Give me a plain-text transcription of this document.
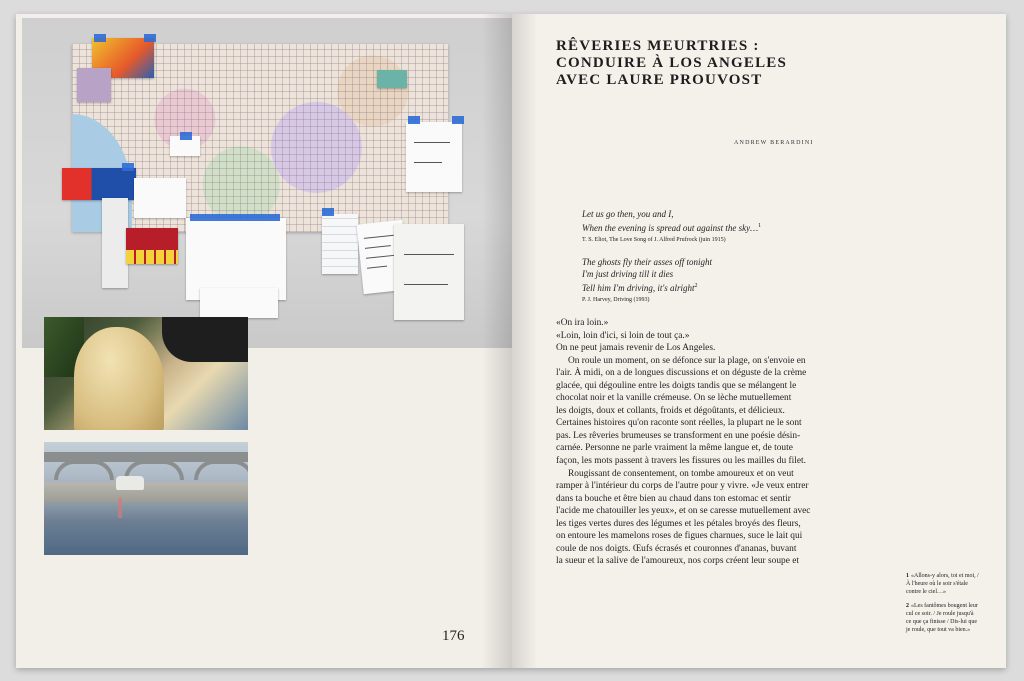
176
RÊVERIES MEURTRIES :
CONDUIRE À LOS ANGELES
AVEC LAURE PROUVOST
ANDREW BERARDINI
Let us go then, you and I,
When the evening is spread out against the sky…$^1$
T. S. Eliot, The Love Song of J. Alfred Prufrock (juin 1915)
The ghosts fly their asses off tonight
I'm just driving till it dies
Tell him I'm driving, it's alright$^2$
P. J. Harvey, Driving (1993)
«On ira loin.»
«Loin, loin d'ici, si loin de tout ça.»
On ne peut jamais revenir de Los Angeles.
On roule un moment, on se défonce sur la plage, on s'envoie en
l'air. À midi, on a de longues discussions et on déguste de la crème
glacée, qui dégouline entre les doigts tandis que se mélangent le
chocolat noir et la vanille crémeuse. On se lèche mutuellement
les doigts, doux et collants, froids et dégoûtants, et délicieux.
Certaines histoires qu'on raconte sont réelles, la plupart ne le sont
pas. Les rêveries brumeuses se transforment en une poésie désin-
carnée. Personne ne parle vraiment la même langue et, de toute
façon, les mots passent à travers les fissures ou les mailles du filet.
Rougissant de consentement, on tombe amoureux et on veut
ramper à l'intérieur du corps de l'autre pour y vivre. «Je veux entrer
dans ta bouche et être bien au chaud dans ton estomac et sentir
l'acide me chatouiller les yeux», et on se caresse mutuellement avec
les tiges vertes dures des légumes et les pétales broyés des fleurs,
on entoure les mamelons roses de figues charnues, suce le lait qui
coule de nos doigts. Œufs écrasés et couronnes d'ananas, buvant
la sueur et la salive de l'amoureux, nos corps créent leur soupe et
1 «Allons-y alors, toi et moi, / À l'heure où le soir s'étale contre le ciel…»
2 «Les fantômes bougent leur cul ce soir. / Je roule jusqu'à ce que ça finisse / Dis-lui que je roule, que tout va bien.»
